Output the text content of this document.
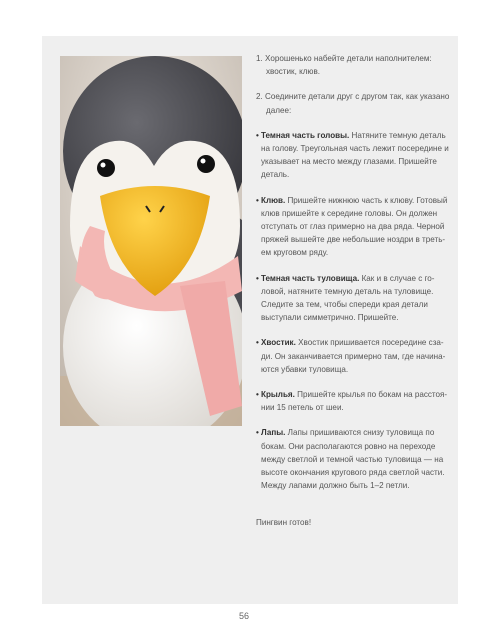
1. Хорошенько набейте детали наполнителем:
хвостик, клюв.
2. Соедините детали друг с другом так, как указано
далее:
• Темная часть головы. Натяните темную деталь на голову. Треугольная часть лежит посередине и указывает на место между глазами. Пришейте деталь.
• Клюв. Пришейте нижнюю часть к клюву. Готовый клюв пришейте к середине головы. Он должен отступать от глаз примерно на два ряда. Черной пряжей вышейте две небольшие ноздри в треть-ем круговом ряду.
• Темная часть туловища. Как и в случае с го-ловой, натяните темную деталь на туловище. Следите за тем, чтобы спереди края детали выступали симметрично. Пришейте.
• Хвостик. Хвостик пришивается посередине сза-ди. Он заканчивается примерно там, где начина-ются убавки туловища.
• Крылья. Пришейте крылья по бокам на расстоя-нии 15 петель от шеи.
• Лапы. Лапы пришиваются снизу туловища по бокам. Они располагаются ровно на переходе между светлой и темной частью туловища — на высоте окончания кругового ряда светлой части. Между лапами должно быть 1–2 петли.
Пингвин готов!
56
